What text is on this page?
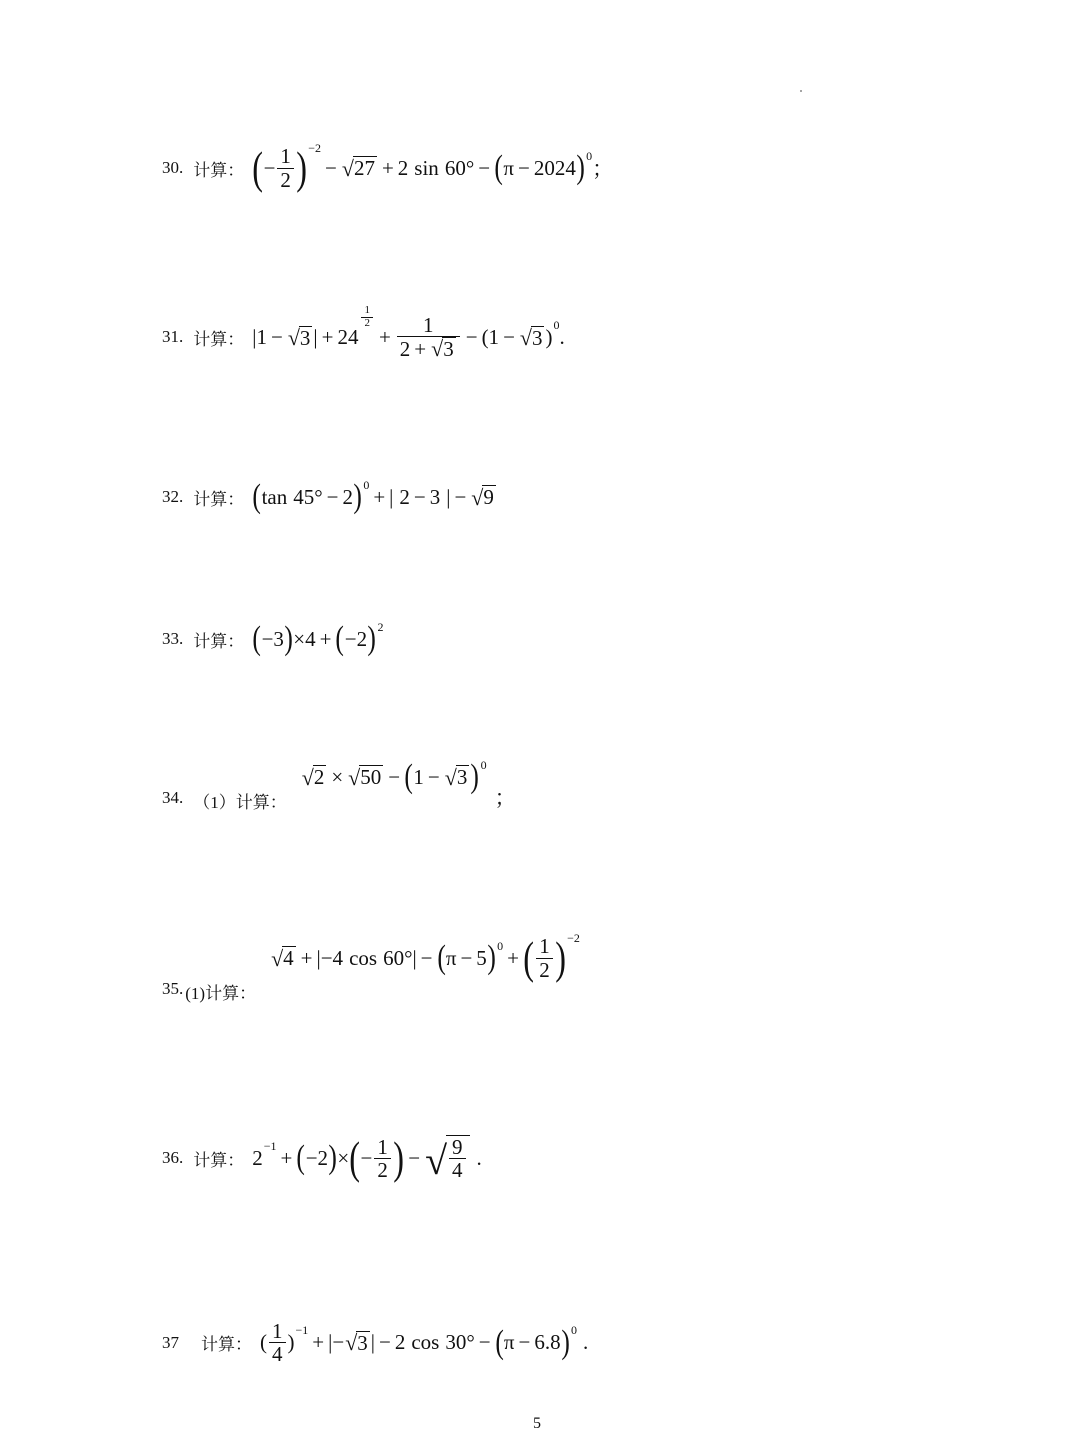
30. 计算： ( − $\frac{1}{2} )^{-2}$
− √ 27 + 2 sin 60° − ( π − 2024 )$^0$
；
31. 计算： |1 − √ 3 | + 24
$^{\frac{1}{2}}$
+ $\frac{1}{2 + √ 3} - (1$ − √ 3 )$^0$ .
32. 计算： ( tan 45° − 2 )$^0$ + | 2 − 3 | − √ 9
33. 计算： ( −3 ) ×4 + ( −2 )$^2$
34. （1）计算：
√ 2 × √ 50 − ( 1 − √ 3 )$^0$
；
35. (1)计算：
√ 4 + |−4 cos 60°| − ( π − 5 )$^0$ + ( $\frac{1}{2} )^{-2}$
36. 计算： $2^{-1}$ + ( −2 ) × ( − $\frac{1}{2}$ ) − √ $\frac{9}{4}$ .
37 计算： ( $\frac{1}{4} )^{-1}$ + |− √ 3 | − 2 cos 30° − ( π − 6.8 )$^0$ .
5
